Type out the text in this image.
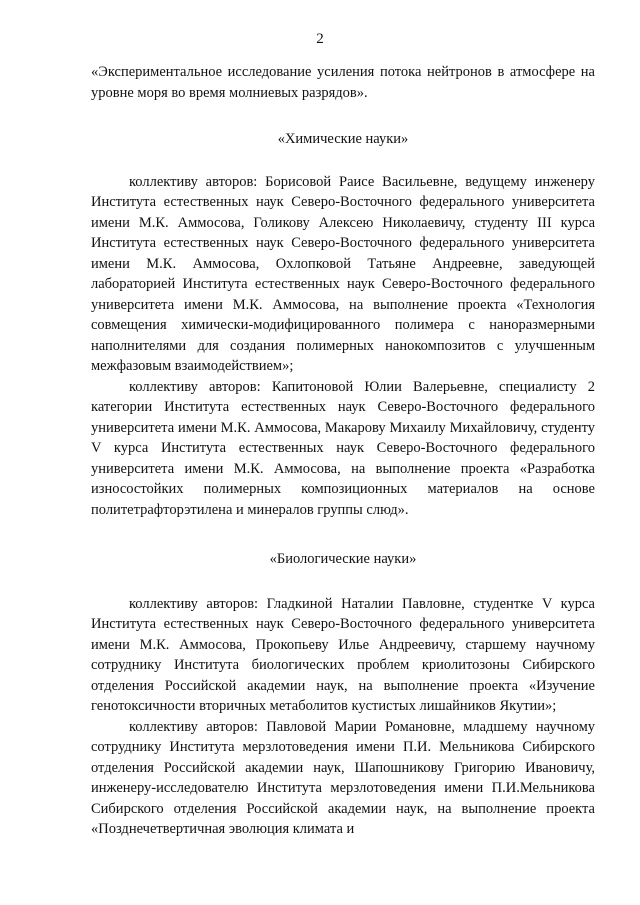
2

«Экспериментальное исследование усиления потока нейтронов в атмосфере на уровне моря во время молниевых разрядов».

«Химические науки»

коллективу авторов: Борисовой Раисе Васильевне, ведущему инженеру Института естественных наук Северо-Восточного федерального университета имени М.К. Аммосова, Голикову Алексею Николаевичу, студенту III курса Института естественных наук Северо-Восточного федерального университета имени М.К. Аммосова, Охлопковой Татьяне Андреевне, заведующей лабораторией Института естественных наук Северо-Восточного федерального университета имени М.К. Аммосова, на выполнение проекта «Технология совмещения химически-модифицированного полимера с наноразмерными наполнителями для создания полимерных нанокомпозитов с улучшенным межфазовым взаимодействием»;

коллективу авторов: Капитоновой Юлии Валерьевне, специалисту 2 категории Института естественных наук Северо-Восточного федерального университета имени М.К. Аммосова, Макарову Михаилу Михайловичу, студенту V курса Института естественных наук Северо-Восточного федерального университета имени М.К. Аммосова, на выполнение проекта «Разработка износостойких полимерных композиционных материалов на основе политетрафторэтилена и минералов группы слюд».

«Биологические науки»

коллективу авторов: Гладкиной Наталии Павловне, студентке V курса Института естественных наук Северо-Восточного федерального университета имени М.К. Аммосова, Прокопьеву Илье Андреевичу, старшему научному сотруднику Института биологических проблем криолитозоны Сибирского отделения Российской академии наук, на выполнение проекта «Изучение генотоксичности вторичных метаболитов кустистых лишайников Якутии»;

коллективу авторов: Павловой Марии Романовне, младшему научному сотруднику Института мерзлотоведения имени П.И. Мельникова Сибирского отделения Российской академии наук, Шапошникову Григорию Ивановичу, инженеру-исследователю Института мерзлотоведения имени П.И.Мельникова Сибирского отделения Российской академии наук, на выполнение проекта «Позднечетвертичная эволюция климата и
